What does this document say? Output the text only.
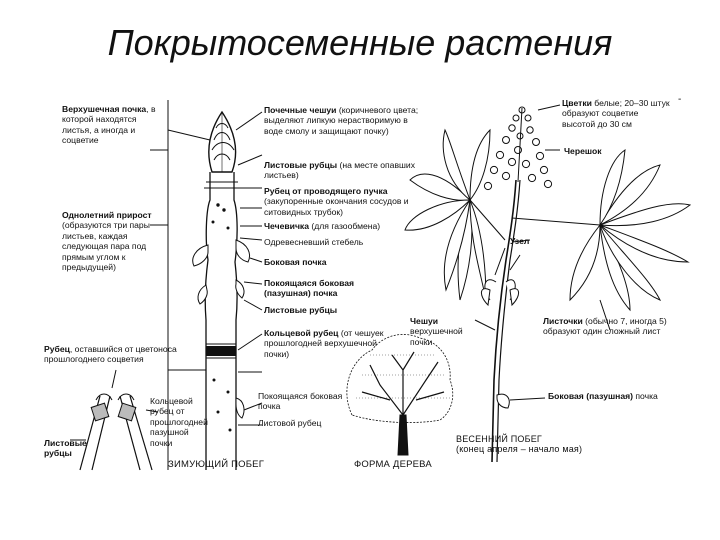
Покрытосеменные растения
-
Верхушечная почка, в которой находятся листья, а иногда и соцветие
Однолетний прирост (образуются три пары листьев, каждая следующая пара под прямым углом к предыдущей)
Рубец, оставшийся от цветоноса прошлогоднего соцветия
Листовые рубцы
Кольцевой рубец от прошлогодней пазушной почки
Почечные чешуи (коричневого цвета; выделяют липкую нерастворимую в воде смолу и защищают почку)
Листовые рубцы (на месте опавших листьев)
Рубец от проводящего пучка (закупоренные окончания сосудов и ситовидных трубок)
Чечевичка (для газообмена)
Одревесневший стебель
Боковая почка
Покоящаяся боковая (пазушная) почка
Листовые рубцы
Кольцевой рубец (от чешуек прошлогодней верхушечной почки)
Покоящаяся боковая почка
Листовой рубец
Цветки белые; 20–30 штук образуют соцветие высотой до 30 см
Черешок
Узел
Чешуи верхушечной почки
Листочки (обычно 7, иногда 5) образуют один сложный лист
Боковая (пазушная) почка
ЗИМУЮЩИЙ ПОБЕГ	ФОРМА ДЕРЕВА
ВЕСЕННИЙ ПОБЕГ
(конец апреля – начало мая)
